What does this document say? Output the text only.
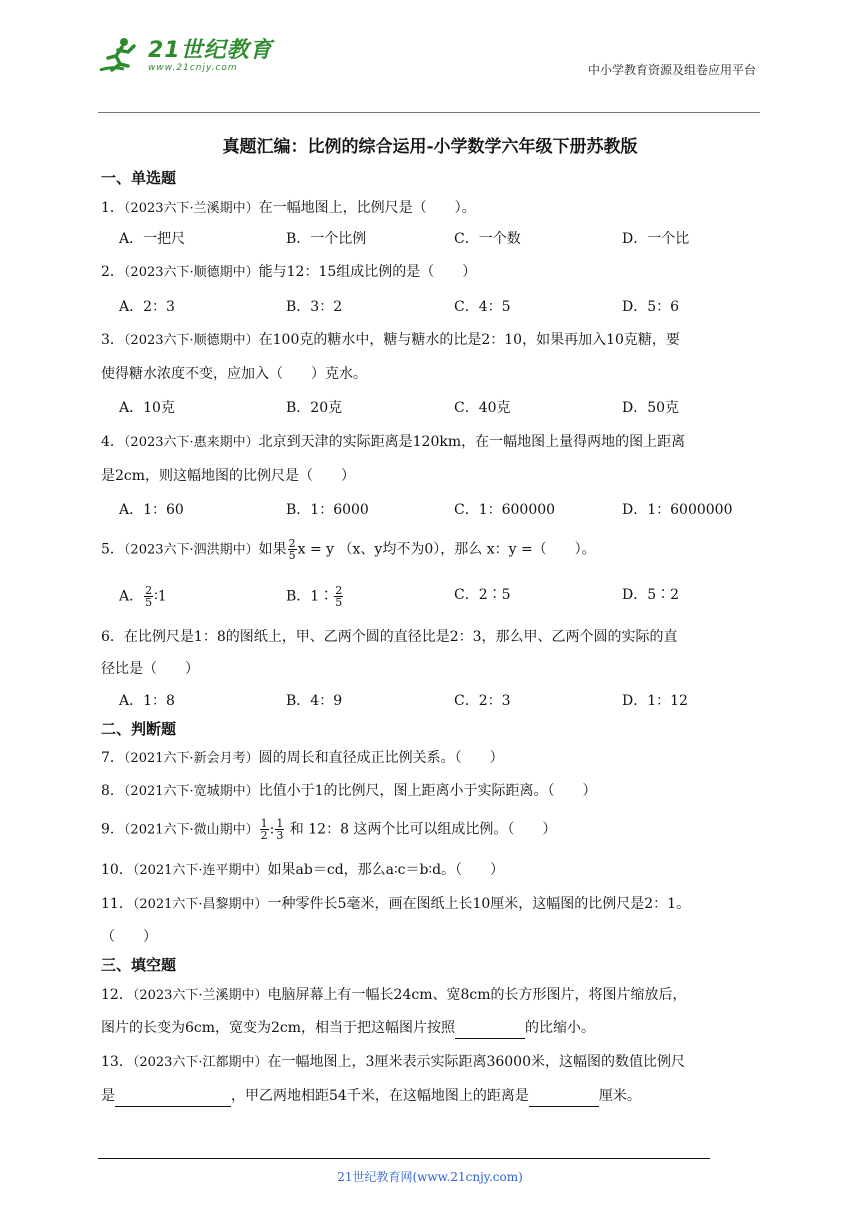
21世纪教育
www.21cnjy.com	中小学教育资源及组卷应用平台
真题汇编：比例的综合运用-小学数学六年级下册苏教版
一、单选题
1．（2023六下·兰溪期中）在一幅地图上，比例尺是（　　）。
A．一把尺	B．一个比例	C．一个数	D．一个比
2．（2023六下·顺德期中）能与12：15组成比例的是（　　）
A．2：3	B．3：2	C．4：5	D．5：6
3．（2023六下·顺德期中）在100克的糖水中，糖与糖水的比是2：10，如果再加入10克糖，要
使得糖水浓度不变，应加入（　　）克水。
A．10克	B．20克	C．40克	D．50克
4．（2023六下·惠来期中）北京到天津的实际距离是120km，在一幅地图上量得两地的图上距离
是2cm，则这幅地图的比例尺是（　　）
A．1：60	B．1：6000	C．1：600000	D．1：6000000
5．（2023六下·泗洪期中）如果 $\frac{2}{5}$ x = y （x、y均不为0），那么 x：y =（　　）。
A． $\frac{2}{5}$ ∶1	B．1∶ $\frac{2}{5}$	C．2∶5	D．5∶2
6．在比例尺是1：8的图纸上，甲、乙两个圆的直径比是2：3，那么甲、乙两个圆的实际的直
径比是（　　）
A．1：8	B．4：9	C．2：3	D．1：12
二、判断题
7．（2021六下·新会月考）圆的周长和直径成正比例关系。（　　）
8．（2021六下·宽城期中）比值小于1的比例尺，图上距离小于实际距离。（　　）
9．（2021六下·微山期中） $\frac{1}{2}$ : $\frac{1}{3}$ 和 12：8 这两个比可以组成比例。（　　）
10．（2021六下·连平期中）如果ab＝cd，那么a∶c＝b∶d。（　　）
11．（2021六下·昌黎期中）一种零件长5毫米，画在图纸上长10厘米，这幅图的比例尺是2：1。
（　　）
三、填空题
12．（2023六下·兰溪期中）电脑屏幕上有一幅长24cm、宽8cm的长方形图片，将图片缩放后，
图片的长变为6cm，宽变为2cm，相当于把这幅图片按照	的比缩小。
13．（2023六下·江都期中）在一幅地图上，3厘米表示实际距离36000米，这幅图的数值比例尺
是	，甲乙两地相距54千米，在这幅地图上的距离是	厘米。
21世纪教育网(www.21cnjy.com)
